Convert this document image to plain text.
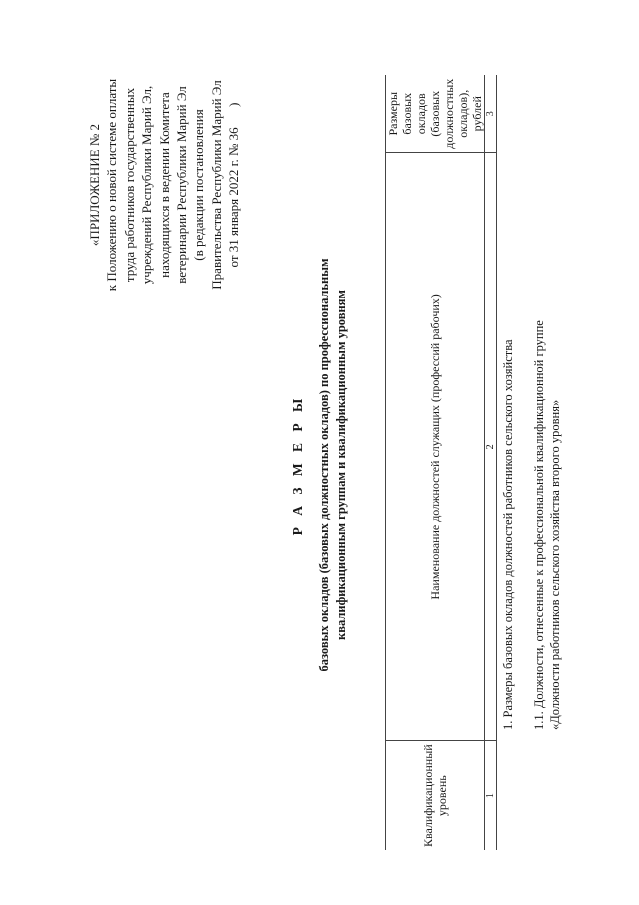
«ПРИЛОЖЕНИЕ № 2 к Положению о новой системе оплаты труда работников государственных учреждений Республики Марий Эл, находящихся в ведении Комитета ветеринарии Республики Марий Эл (в редакции постановления Правительства Республики Марий Эл от 31 января 2022 г. № 36  )
Р А З М Е Р Ы базовых окладов (базовых должностных окладов) по профессиональным квалификационным группам и квалификационным уровням
Квалификационный уровень	Наименование должностей служащих (профессий рабочих)	Размеры базовых окладов (базовых должностных окладов), рублей
1	2	3
1. Размеры базовых окладов должностей работников сельского хозяйства 1.1. Должности, отнесенные к профессиональной квалификационной группе «Должности работников сельского хозяйства второго уровня»
